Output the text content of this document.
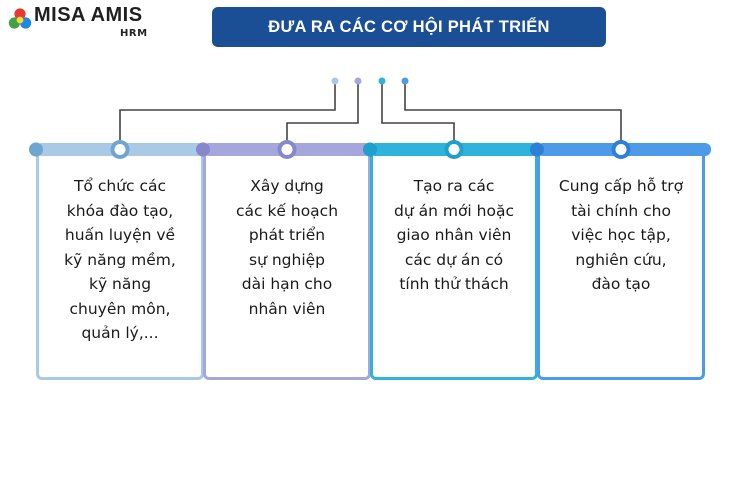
MISA AMIS
HRM	ĐƯA RA CÁC CƠ HỘI PHÁT TRIỂN
Tổ chức các
khóa đào tạo,
huấn luyện về
kỹ năng mềm,
kỹ năng
chuyên môn,
quản lý,...
Xây dựng
các kế hoạch
phát triển
sự nghiệp
dài hạn cho
nhân viên
Tạo ra các
dự án mới hoặc
giao nhân viên
các dự án có
tính thử thách
Cung cấp hỗ trợ
tài chính cho
việc học tập,
nghiên cứu,
đào tạo
